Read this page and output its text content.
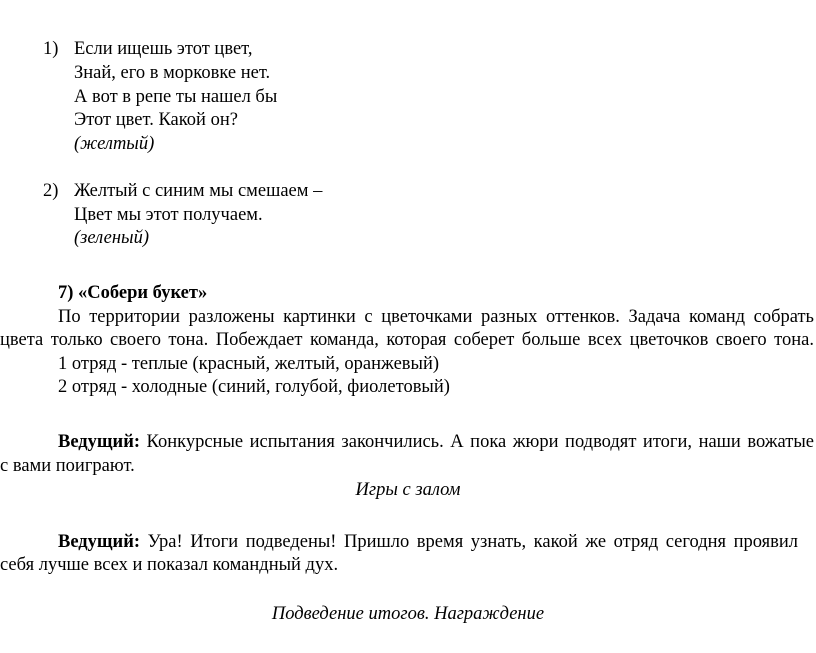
1) Если ищешь этот цвет,
Знай, его в морковке нет.
А вот в репе ты нашел бы
Этот цвет. Какой он?
(желтый)
2) Желтый с синим мы смешаем –
Цвет мы этот получаем.
(зеленый)
7) «Собери букет»
По территории разложены картинки с цветочками разных оттенков. Задача команд собрать
цвета только своего тона. Побеждает команда, которая соберет больше всех цветочков своего тона.
1 отряд - теплые (красный, желтый, оранжевый)
2 отряд - холодные (синий, голубой, фиолетовый)
Ведущий: Конкурсные испытания закончились. А пока жюри подводят итоги, наши вожатые
с вами поиграют.
Игры с залом
Ведущий: Ура! Итоги подведены! Пришло время узнать, какой же отряд сегодня проявил
себя лучше всех и показал командный дух.
Подведение итогов. Награждение
